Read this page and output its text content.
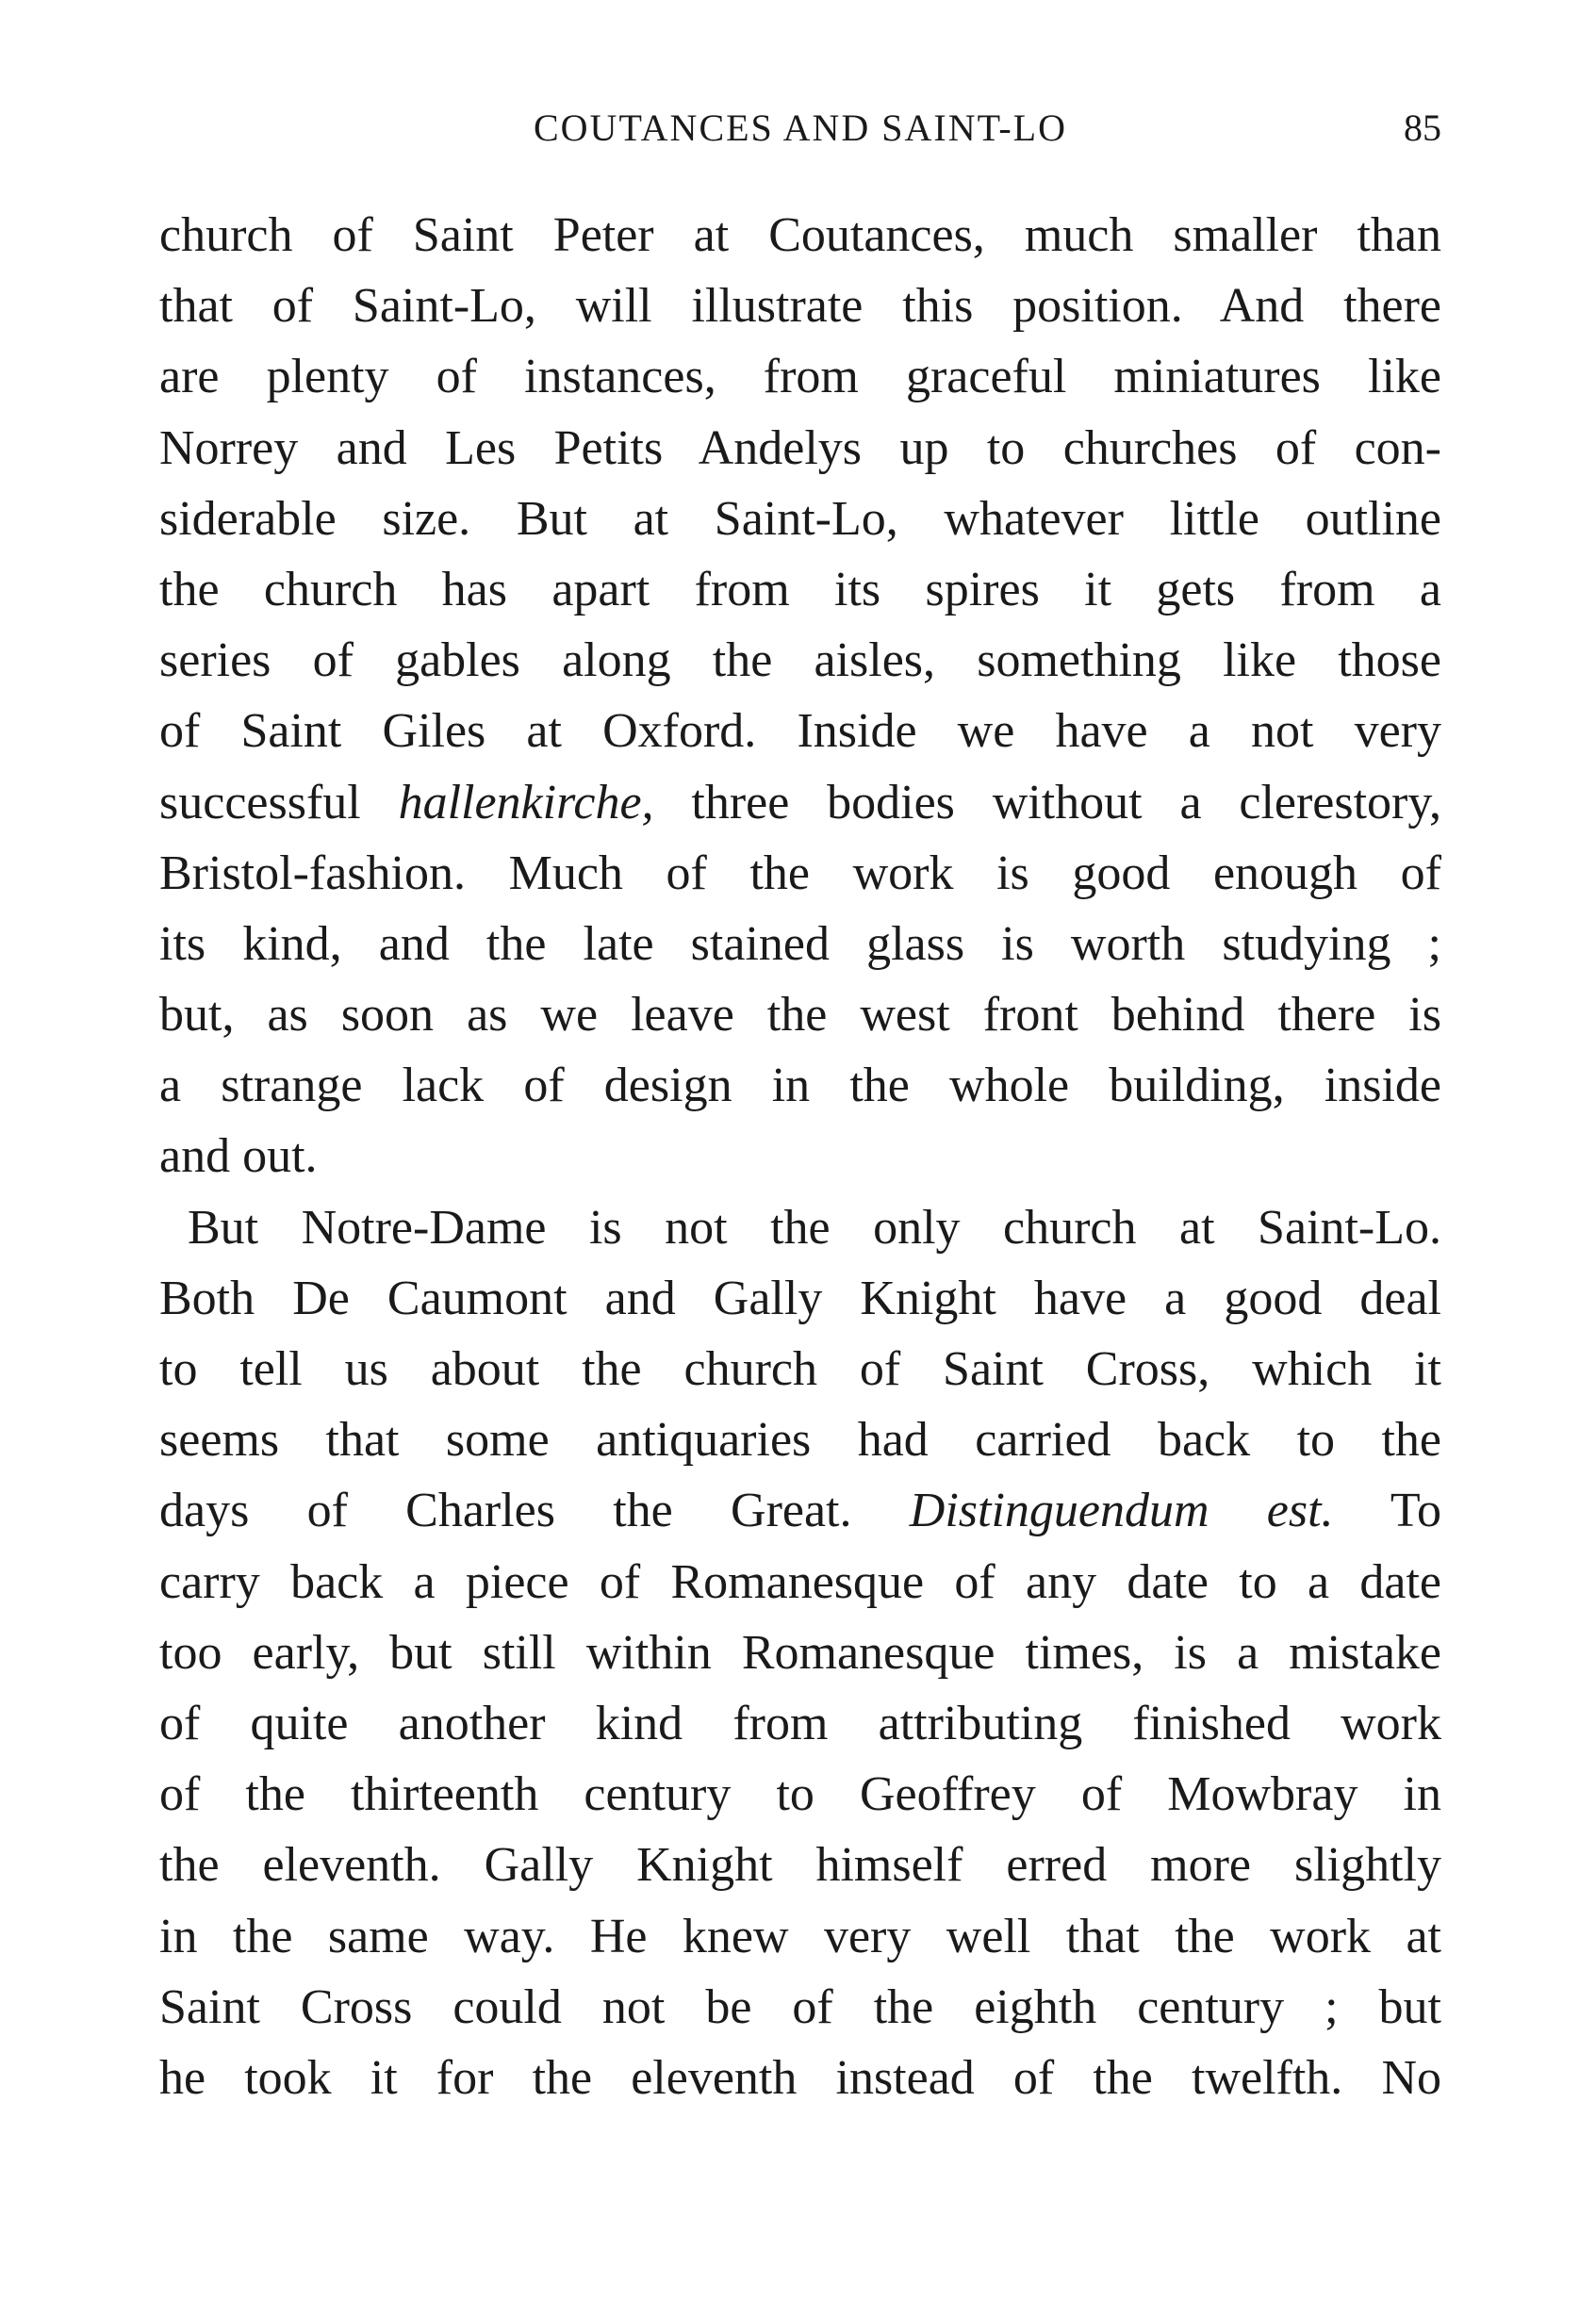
COUTANCES AND SAINT-LO	85
church of Saint Peter at Coutances, much smaller than
that of Saint-Lo, will illustrate this position. And there
are plenty of instances, from graceful miniatures like
Norrey and Les Petits Andelys up to churches of con-
siderable size. But at Saint-Lo, whatever little outline
the church has apart from its spires it gets from a
series of gables along the aisles, something like those
of Saint Giles at Oxford. Inside we have a not very
successful hallenkirche, three bodies without a clerestory,
Bristol-fashion. Much of the work is good enough of
its kind, and the late stained glass is worth studying ;
but, as soon as we leave the west front behind there is
a strange lack of design in the whole building, inside
and out.
But Notre-Dame is not the only church at Saint-Lo.
Both De Caumont and Gally Knight have a good deal
to tell us about the church of Saint Cross, which it
seems that some antiquaries had carried back to the
days of Charles the Great. Distinguendum est. To
carry back a piece of Romanesque of any date to a date
too early, but still within Romanesque times, is a mistake
of quite another kind from attributing finished work
of the thirteenth century to Geoffrey of Mowbray in
the eleventh. Gally Knight himself erred more slightly
in the same way. He knew very well that the work at
Saint Cross could not be of the eighth century ; but
he took it for the eleventh instead of the twelfth. No
